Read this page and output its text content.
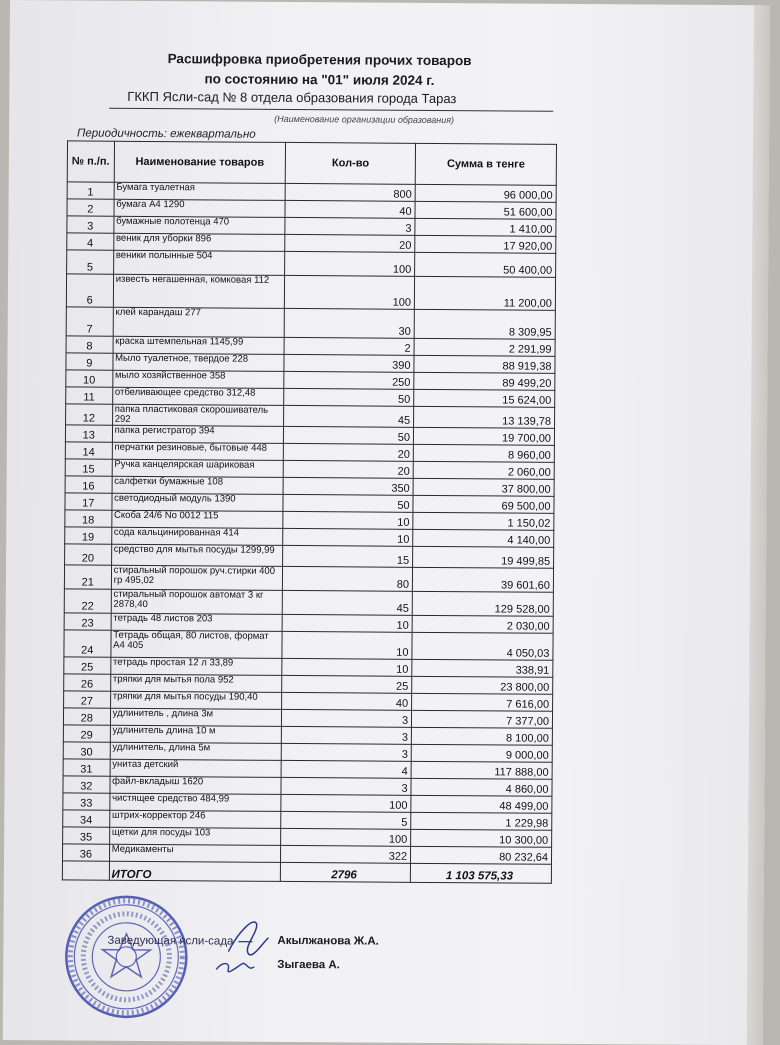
Расшифровка приобретения прочих товаров
по состоянию на "01" июля 2024 г.
ГККП Ясли-сад № 8 отдела образования города Тараз
(Наименование организации образования)
Периодичность: ежеквартально
№ п./п.	Наименование товаров	Кол-во	Сумма в тенге
1	Бумага туалетная	800	96 000,00
2	бумага А4 1290	40	51 600,00
3	бумажные полотенца 470	3	1 410,00
4	веник для уборки 896	20	17 920,00
5	веники полынные 504	100	50 400,00
6	известь негашенная, комковая 112	100	11 200,00
7	клей карандаш 277	30	8 309,95
8	краска штемпельная 1145,99	2	2 291,99
9	Мыло туалетное, твердое 228	390	88 919,38
10	мыло хозяйственное 358	250	89 499,20
11	отбеливающее средство 312,48	50	15 624,00
12	папка пластиковая скорошиватель 292	45	13 139,78
13	папка регистратор 394	50	19 700,00
14	перчатки резиновые, бытовые 448	20	8 960,00
15	Ручка канцелярская шариковая	20	2 060,00
16	салфетки бумажные 108	350	37 800,00
17	светодиодный модуль 1390	50	69 500,00
18	Скоба 24/6 No 0012 115	10	1 150,02
19	сода кальцинированная 414	10	4 140,00
20	средство для мытья посуды 1299,99	15	19 499,85
21	стиральный порошок руч.стирки 400 гр 495,02	80	39 601,60
22	стиральный порошок автомат 3 кг 2878,40	45	129 528,00
23	тетрадь 48 листов 203	10	2 030,00
24	Тетрадь общая, 80 листов, формат А4 405	10	4 050,03
25	тетрадь простая 12 л 33,89	10	338,91
26	тряпки для мытья пола 952	25	23 800,00
27	тряпки для мытья посуды 190,40	40	7 616,00
28	удлинитель , длина 3м	3	7 377,00
29	удлинитель длина 10 м	3	8 100,00
30	удлинитель, длина 5м	3	9 000,00
31	унитаз детский	4	117 888,00
32	файл-вкладыш 1620	3	4 860,00
33	чистящее средство 484,99	100	48 499,00
34	штрих-корректор 246	5	1 229,98
35	щетки для посуды 103	100	10 300,00
36	Медикаменты	322	80 232,64
	ИТОГО	2796	1 103 575,33
Заведующая ясли-сада	Акылжанова Ж.А.
Зыгаева А.
